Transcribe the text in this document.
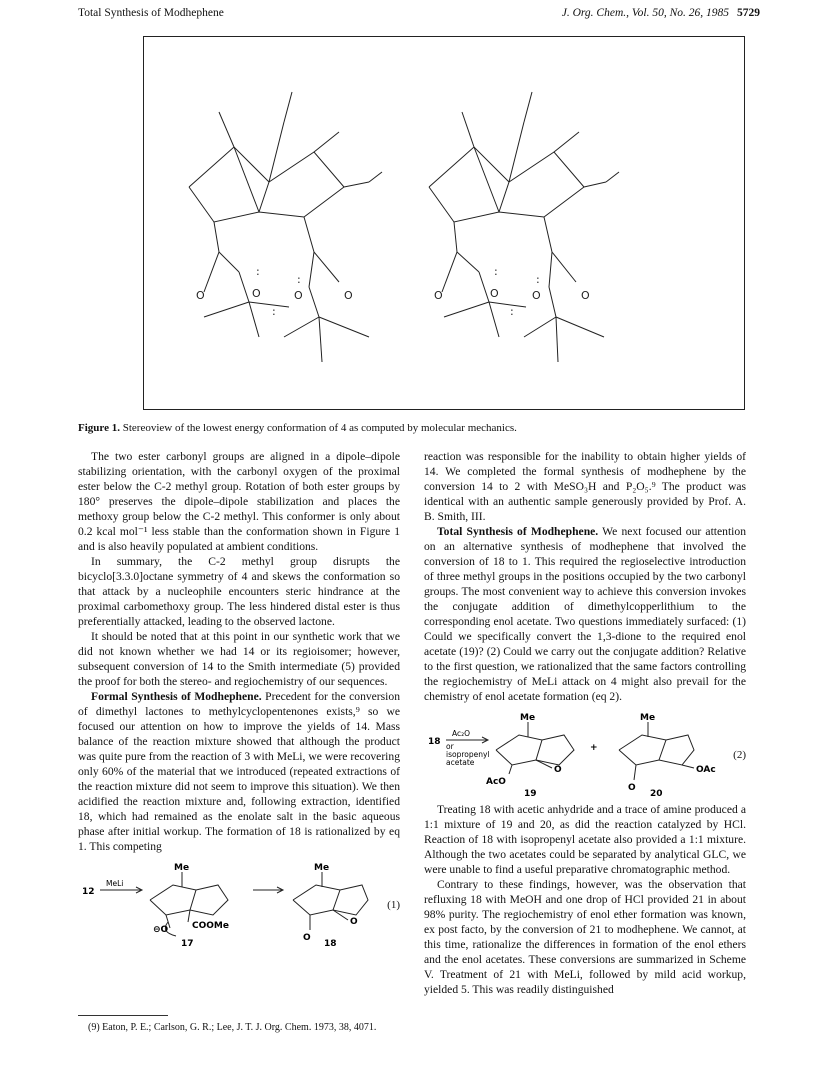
Total Synthesis of Modhephene	J. Org. Chem., Vol. 50, No. 26, 1985 5729
O	O	O	O	O	O	O	O
:
:
:
:
:
:
Figure 1. Stereoview of the lowest energy conformation of 4 as computed by molecular mechanics.

The two ester carbonyl groups are aligned in a dipole–dipole stabilizing orientation, with the carbonyl oxygen of the proximal ester below the C-2 methyl group. Rotation of both ester groups by 180° preserves the dipole–dipole stabilization and places the methoxy group below the C-2 methyl. This conformer is only about 0.2 kcal mol⁻¹ less stable than the conformation shown in Figure 1 and is also heavily populated at ambient conditions.

In summary, the C-2 methyl group disrupts the bicyclo[3.3.0]octane symmetry of 4 and skews the conformation so that attack by a nucleophile encounters steric hindrance at the proximal carbomethoxy group. The less hindered distal ester is thus preferentially attacked, leading to the observed lactone.

It should be noted that at this point in our synthetic work that we did not known whether we had 14 or its regioisomer; however, subsequent conversion of 14 to the Smith intermediate (5) provided the proof for both the stereo- and regiochemistry of our sequences.

Formal Synthesis of Modhephene. Precedent for the conversion of dimethyl lactones to methylcyclopentenones exists,⁹ so we focused our attention on how to improve the yields of 14. Mass balance of the reaction mixture showed that although the product was quite pure from the reaction of 3 with MeLi, we were recovering only 60% of the material that we introduced (repeated extractions of the reaction mixture did not seem to improve this situation). We then acidified the reaction mixture and, following extraction, identified 18, which had remained as the enolate salt in the basic aqueous phase after initial workup. The formation of 18 is rationalized by eq 1. This competing

12
MeLi
Me
COOMe
⊖O
17
Me
O
O
18
(1)

reaction was responsible for the inability to obtain higher yields of 14. We completed the formal synthesis of modhephene by the conversion 14 to 2 with MeSO₃H and P₂O₅.⁹ The product was identical with an authentic sample generously provided by Prof. A. B. Smith, III.

Total Synthesis of Modhephene. We next focused our attention on an alternative synthesis of modhephene that involved the conversion of 18 to 1. This required the regioselective introduction of three methyl groups in the positions occupied by the two carbonyl groups. The most convenient way to achieve this conversion invokes the conjugate addition of dimethylcopperlithium to the corresponding enol acetate. Two questions immediately surfaced: (1) Could we specifically convert the 1,3-dione to the required enol acetate (19)? (2) Could we carry out the conjugate addition? Relative to the first question, we rationalized that the same factors controlling the regiochemistry of MeLi attack on 4 might also prevail for the chemistry of enol acetate formation (eq 2).

18
Ac₂O
or
isopropenyl
acetate
Me
O
AcO
19
+
Me
OAc
O
20
(2)

Treating 18 with acetic anhydride and a trace of amine produced a 1:1 mixture of 19 and 20, as did the reaction catalyzed by HCl. Reaction of 18 with isopropenyl acetate also provided a 1:1 mixture. Although the two acetates could be separated by analytical GLC, we were unable to find a useful preparative chromatographic method.

Contrary to these findings, however, was the observation that refluxing 18 with MeOH and one drop of HCl provided 21 in about 98% purity. The regiochemistry of enol ether formation was known, ex post facto, by the conversion of 21 to modhephene. We cannot, at this time, rationalize the differences in formation of the enol ethers and the enol acetates. These conversions are summarized in Scheme V. Treatment of 21 with MeLi, followed by mild acid workup, yielded 5. This was readily distinguished

(9) Eaton, P. E.; Carlson, G. R.; Lee, J. T. J. Org. Chem. 1973, 38, 4071.
